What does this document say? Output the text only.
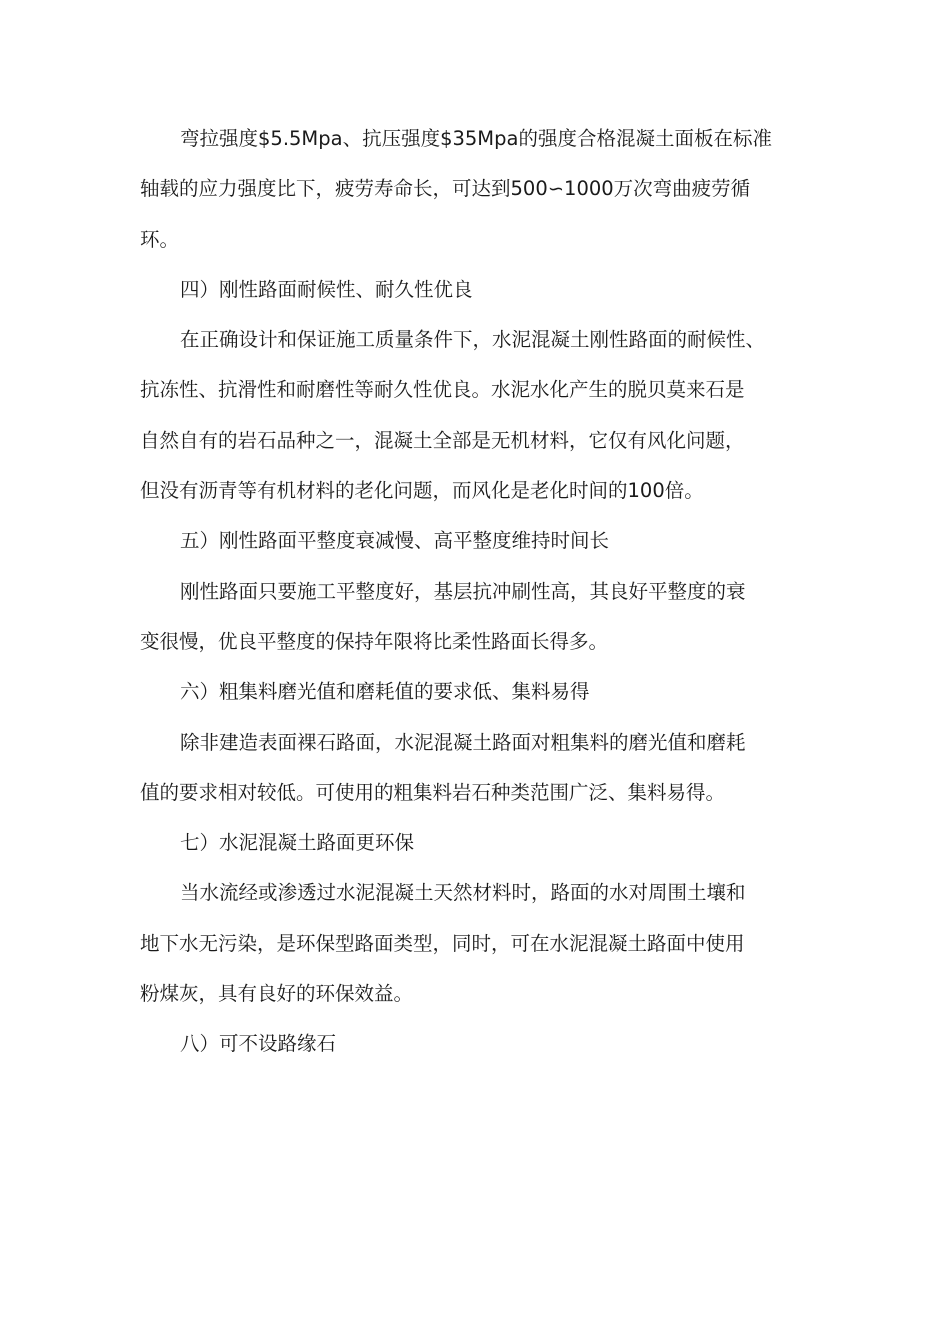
弯拉强度$5.5Mpa、抗压强度$35Mpa的强度合格混凝土面板在标准
轴载的应力强度比下，疲劳寿命长，可达到500∽1000万次弯曲疲劳循
环。
四）刚性路面耐候性、耐久性优良
在正确设计和保证施工质量条件下，水泥混凝土刚性路面的耐候性、
抗冻性、抗滑性和耐磨性等耐久性优良。水泥水化产生的脱贝莫来石是
自然自有的岩石品种之一，混凝土全部是无机材料，它仅有风化问题，
但没有沥青等有机材料的老化问题，而风化是老化时间的100倍。
五）刚性路面平整度衰减慢、高平整度维持时间长
刚性路面只要施工平整度好，基层抗冲刷性高，其良好平整度的衰
变很慢，优良平整度的保持年限将比柔性路面长得多。
六）粗集料磨光值和磨耗值的要求低、集料易得
除非建造表面裸石路面，水泥混凝土路面对粗集料的磨光值和磨耗
值的要求相对较低。可使用的粗集料岩石种类范围广泛、集料易得。
七）水泥混凝土路面更环保
当水流经或渗透过水泥混凝土天然材料时，路面的水对周围土壤和
地下水无污染，是环保型路面类型，同时，可在水泥混凝土路面中使用
粉煤灰，具有良好的环保效益。
八）可不设路缘石
